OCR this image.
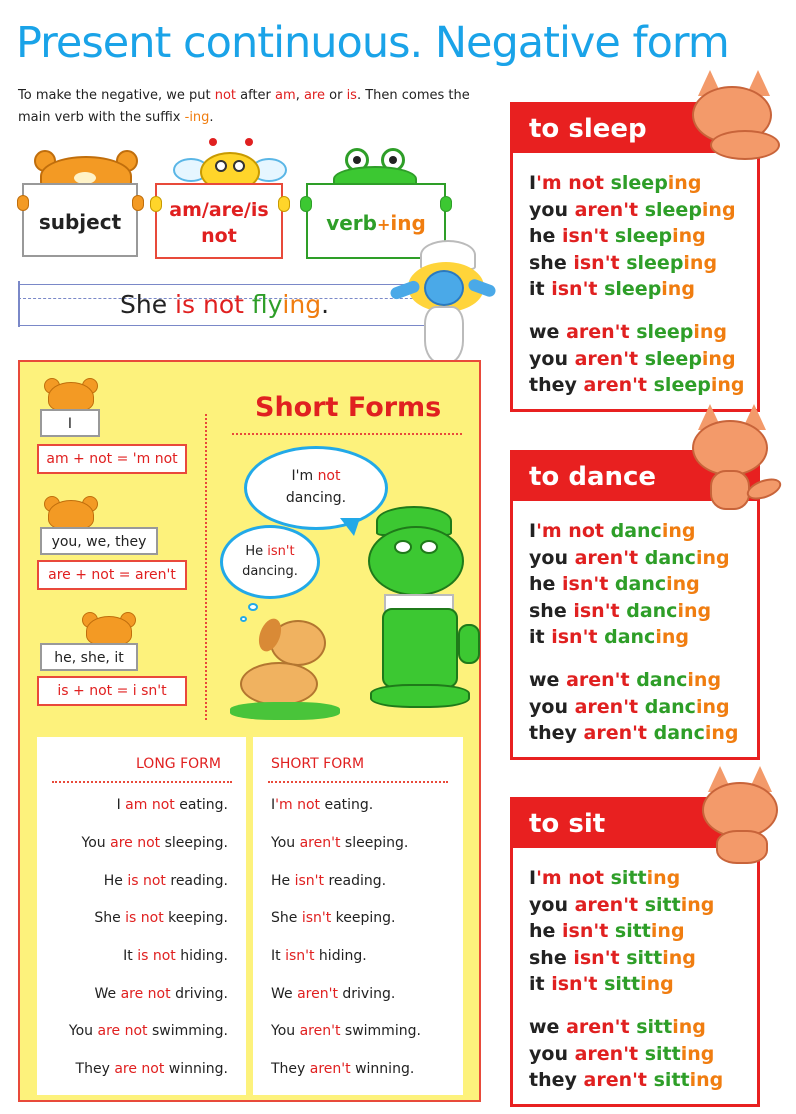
Present continuous. Negative form
To make the negative, we put not after am, are or is. Then comes the main verb with the suffix -ing.
subject	am/are/is
not
verb+ing
She is not flying.
I
am + not = 'm not
you, we, they
are + not = aren't
he, she, it
is + not = i sn't
Short Forms
I'm not
dancing.
He isn't
dancing.
LONG FORM	SHORT FORM
I am not eating.
You are not sleeping.
He is not reading.
She is not keeping.
It is not hiding.
We are not driving.
You are not swimming.
They are not winning.
I'm not eating.
You aren't sleeping.
He isn't reading.
She isn't keeping.
It isn't hiding.
We aren't driving.
You aren't swimming.
They aren't winning.
to sleep
I'm not sleeping
you aren't sleeping
he isn't sleeping
she isn't sleeping
it isn't sleeping
we aren't sleeping
you aren't sleeping
they aren't sleeping
to dance
I'm not dancing
you aren't dancing
he isn't dancing
she isn't dancing
it isn't dancing
we aren't dancing
you aren't dancing
they aren't dancing
to sit
I'm not sitting
you aren't sitting
he isn't sitting
she isn't sitting
it isn't sitting
we aren't sitting
you aren't sitting
they aren't sitting
